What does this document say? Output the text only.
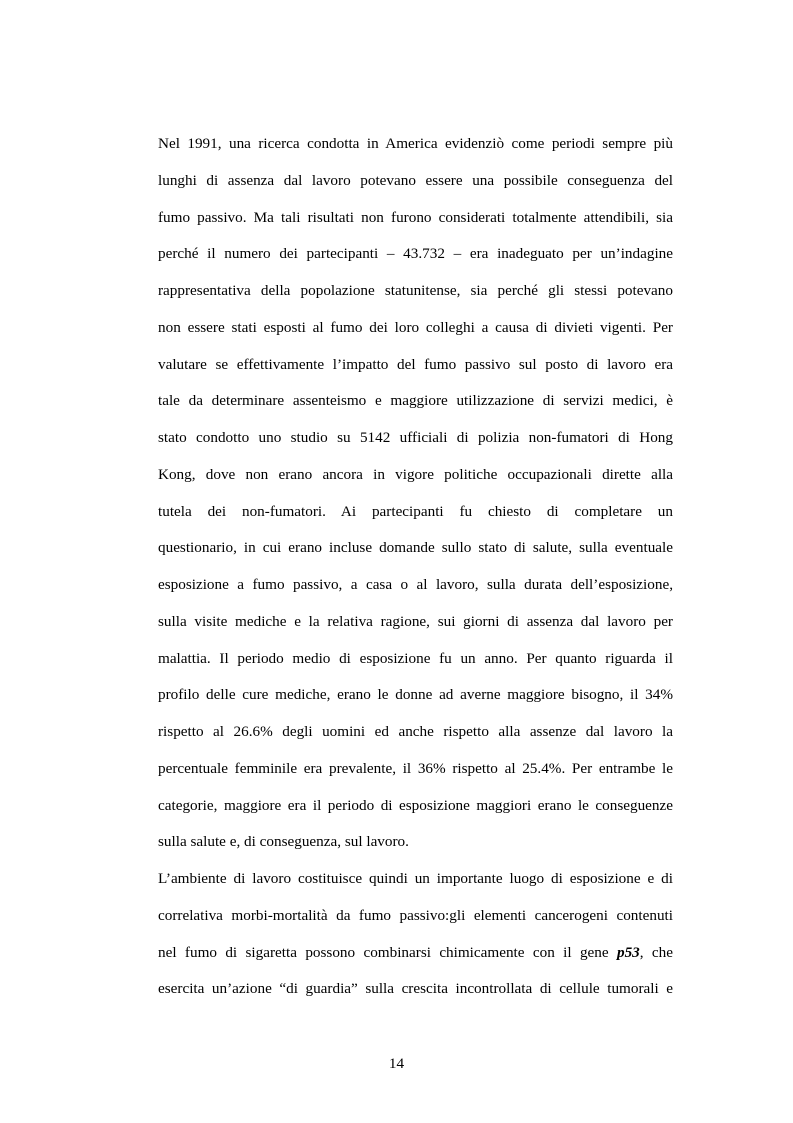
Nel 1991, una ricerca condotta in America evidenziò come periodi sempre più
lunghi di assenza dal lavoro potevano essere una possibile conseguenza del
fumo passivo. Ma tali risultati non furono considerati totalmente attendibili, sia
perché il numero dei partecipanti – 43.732 – era inadeguato per un’indagine
rappresentativa della popolazione statunitense, sia perché gli stessi potevano
non essere stati esposti al fumo dei loro colleghi a causa di divieti vigenti. Per
valutare se effettivamente l’impatto del fumo passivo sul posto di lavoro era
tale da determinare assenteismo e maggiore utilizzazione di servizi medici, è
stato condotto uno studio su 5142 ufficiali di polizia non-fumatori di Hong
Kong, dove non erano ancora in vigore politiche occupazionali dirette alla
tutela dei non-fumatori. Ai partecipanti fu chiesto di completare un
questionario, in cui erano incluse domande sullo stato di salute, sulla eventuale
esposizione a fumo passivo, a casa o al lavoro, sulla durata dell’esposizione,
sulla visite mediche e la relativa ragione, sui giorni di assenza dal lavoro per
malattia. Il periodo medio di esposizione fu un anno. Per quanto riguarda il
profilo delle cure mediche, erano le donne ad averne maggiore bisogno, il 34%
rispetto al 26.6% degli uomini ed anche rispetto alla assenze dal lavoro la
percentuale femminile era prevalente, il 36% rispetto al 25.4%. Per entrambe le
categorie, maggiore era il periodo di esposizione maggiori erano le conseguenze
sulla salute e, di conseguenza, sul lavoro.

L’ambiente di lavoro costituisce quindi un importante luogo di esposizione e di
correlativa morbi-mortalità da fumo passivo:gli elementi cancerogeni contenuti
nel fumo di sigaretta possono combinarsi chimicamente con il gene p53, che
esercita un’azione “di guardia” sulla crescita incontrollata di cellule tumorali e

14
